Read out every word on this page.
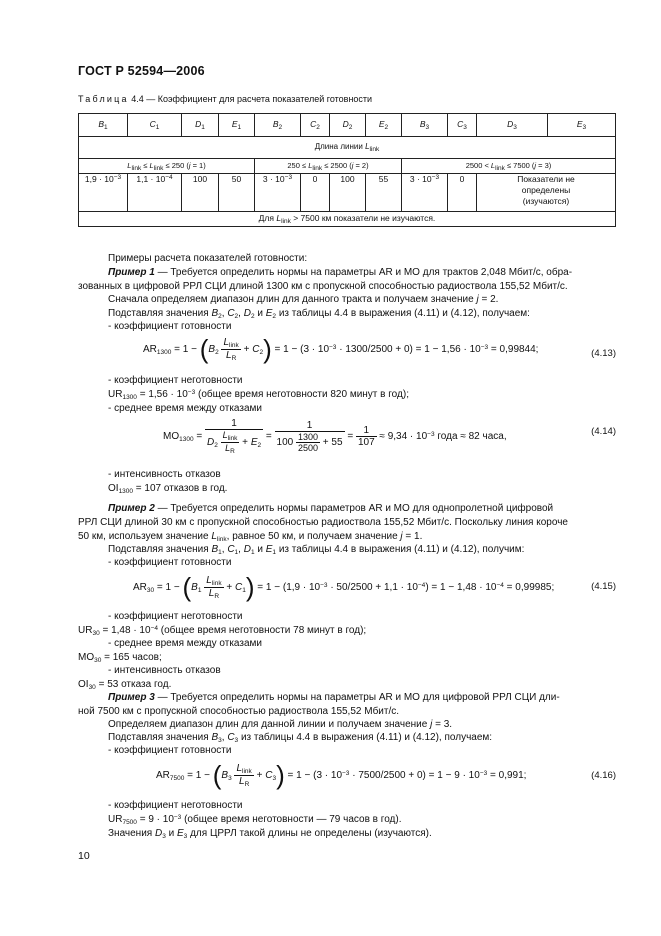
ГОСТ Р 52594—2006
Таблица 4.4 — Коэффициент для расчета показателей готовности
$B_1$	$C_1$	$D_1$	$E_1$	$B_2$	$C_2$	$D_2$	$E_2$	$B_3$	$C_3$	$D_3$	$E_3$
Длина линии $L_{link}$
$L_{link} \le L_{link} \le 250$ (j = 1)				$250 \le L_{link} \le 2500$ (j = 2)				$2500 < L_{link} \le 7500$ (j = 3)			
$1,9 \cdot 10^{-3}$	$1,1 \cdot 10^{-4}$	100	50	$3 \cdot 10^{-3}$	0	100	55	$3 \cdot 10^{-3}$	0	Показатели не
определены
(изучаются)	
Для $L_{link} > 7500$ км показатели не изучаются.											
Примеры расчета показателей готовности:
Пример 1 — Требуется определить нормы на параметры AR и MO для трактов 2,048 Мбит/с, обра-
зованных в цифровой РРЛ СЦИ длиной 1300 км с пропускной способностью радиоствола 155,52 Мбит/с.
Сначала определяем диапазон длин для данного тракта и получаем значение j = 2.
Подставляя значения $B_2$, $C_2$, $D_2$ и $E_2$ из таблицы 4.4 в выражения (4.11) и (4.12), получаем:
- коэффициент готовности
$AR_{1300} = 1 - (B_2 \frac{L_{link}}{L_R} + C_2) = 1 - (3 \cdot 10^{-3} \cdot 1300/2500 + 0) = 1 - 1,56 \cdot 10^{-3} = 0,99844$;	(4.13)
- коэффициент неготовности
$UR_{1300} = 1,56 \cdot 10^{-3}$ (общее время неготовности 820 минут в год);
- среднее время между отказами
$MO_{1300} = \frac{1}{D_2 \frac{L_{link}}{L_R} + E_2} = \frac{1}{100 \frac{1300}{2500} + 55} = \frac{1}{107} \approx 9,34 \cdot 10^{-3}$ года ≈ 82 часа,	(4.14)
- интенсивность отказов
$OI_{1300} = 107$ отказов в год.
Пример 2 — Требуется определить нормы параметров AR и MO для однопролетной цифровой
РРЛ СЦИ длиной 30 км с пропускной способностью радиоствола 155,52 Мбит/с. Поскольку линия короче
50 км, используем значение $L_{link}$, равное 50 км, и получаем значение j = 1.
Подставляя значения $B_1$, $C_1$, $D_1$ и $E_1$ из таблицы 4.4 в выражения (4.11) и (4.12), получим:
- коэффициент готовности
$AR_{30} = 1 - (B_1 \frac{L_{link}}{L_R} + C_1) = 1 - (1,9 \cdot 10^{-3} \cdot 50/2500 + 1,1 \cdot 10^{-4}) = 1 - 1,48 \cdot 10^{-4} = 0,99985$;	(4.15)
- коэффициент неготовности
$UR_{30} = 1,48 \cdot 10^{-4}$ (общее время неготовности 78 минут в год);
- среднее время между отказами
$MO_{30} = 165$ часов;
- интенсивность отказов
$OI_{30} = 53$ отказа год.
Пример 3 — Требуется определить нормы на параметры AR и MO для цифровой РРЛ СЦИ дли-
ной 7500 км с пропускной способностью радиоствола 155,52 Мбит/с.
Определяем диапазон длин для данной линии и получаем значение j = 3.
Подставляя значения $B_3$, $C_3$ из таблицы 4.4 в выражения (4.11) и (4.12), получаем:
- коэффициент готовности
$AR_{7500} = 1 - (B_3 \frac{L_{link}}{L_R} + C_3) = 1 - (3 \cdot 10^{-3} \cdot 7500/2500 + 0) = 1 - 9 \cdot 10^{-3} = 0,991$;	(4.16)
- коэффициент неготовности
$UR_{7500} = 9 \cdot 10^{-3}$ (общее время неготовности — 79 часов в год).
Значения $D_3$ и $E_3$ для ЦРРЛ такой длины не определены (изучаются).
10
